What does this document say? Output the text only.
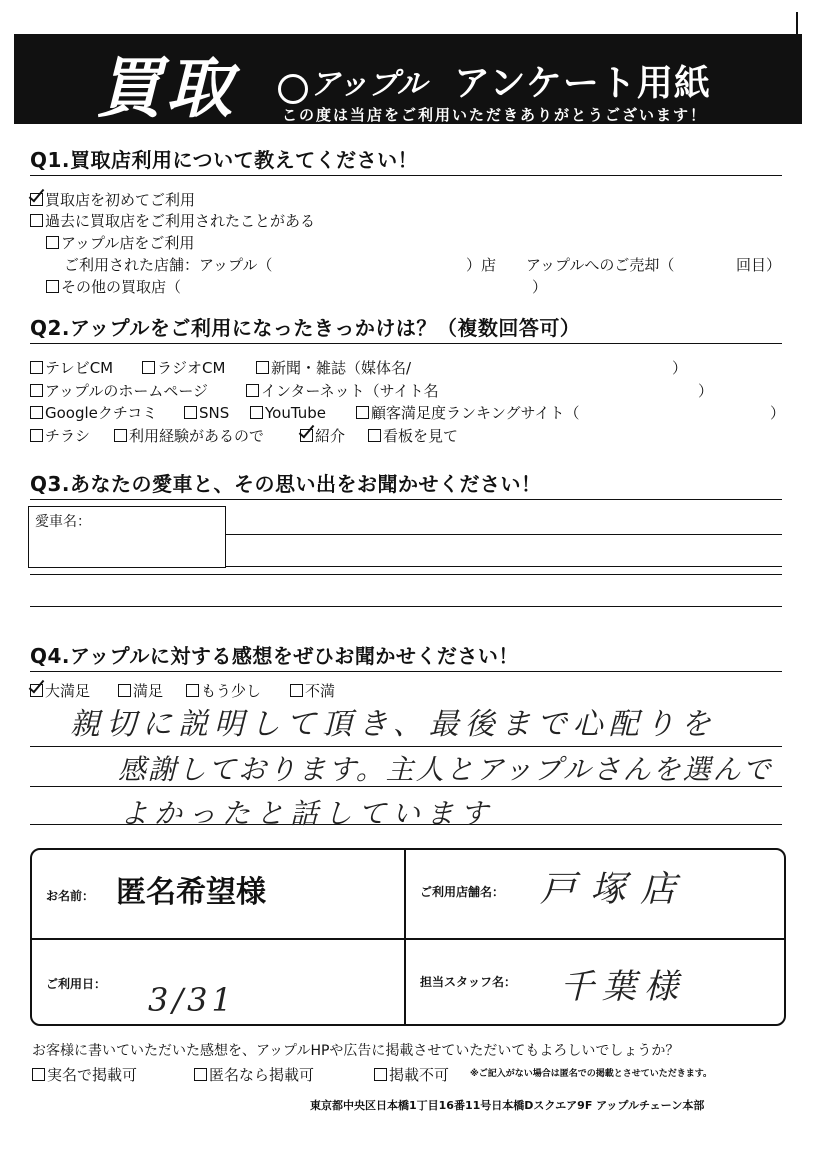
買取 アップル アンケート用紙
この度は当店をご利用いただきありがとうございます！
Q1.買取店利用について教えてください！
買取店を初めてご利用
過去に買取店をご利用されたことがある
アップル店をご利用
ご利用された店舗：アップル（	）店 アップルへのご売却（	回目）
その他の買取店（	）
Q2.アップルをご利用になったきっかけは？（複数回答可）
テレビCM	ラジオCM	新聞・雑誌（媒体名/	）
アップルのホームページ	インターネット（サイト名	）
Googleクチコミ	SNS	YouTube	顧客満足度ランキングサイト（	）
チラシ	利用経験があるので	紹介	看板を見て
Q3.あなたの愛車と、その思い出をお聞かせください！
愛車名：
Q4.アップルに対する感想をぜひお聞かせください！
大満足	満足	もう少し	不満
親切に説明して頂き、最後まで心配りを
感謝しております。主人とアップルさんを選んで
よかったと話しています
お名前： 匿名希望様	ご利用店舗名： 戸塚店
ご利用日： 3/31	担当スタッフ名： 千葉様
お客様に書いていただいた感想を、アップルHPや広告に掲載させていただいてもよろしいでしょうか？
実名で掲載可	匿名なら掲載可	掲載不可 ※ご記入がない場合は匿名での掲載とさせていただきます。
東京都中央区日本橋1丁目16番11号日本橋Dスクエア9F アップルチェーン本部
